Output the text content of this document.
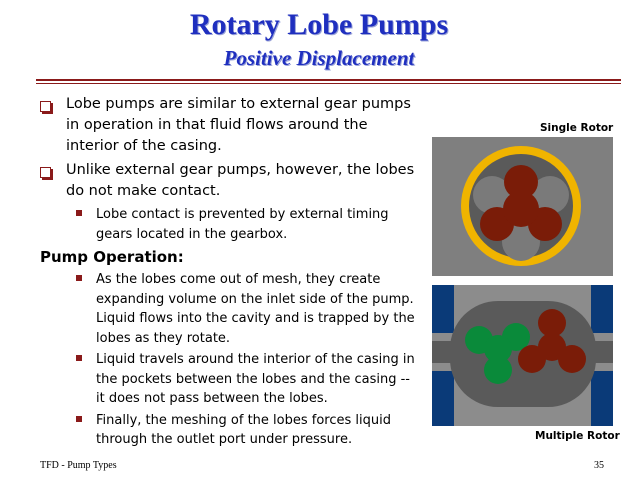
Rotary Lobe Pumps
Positive Displacement
Lobe pumps are similar to external gear pumps in operation in that fluid flows around the interior of the casing.
Unlike external gear pumps, however, the lobes do not make contact.
Lobe contact is prevented by external timing gears located in the gearbox.
Pump Operation:
As the lobes come out of mesh, they create expanding volume on the inlet side of the pump. Liquid flows into the cavity and is trapped by the lobes as they rotate.
Liquid travels around the interior of the casing in the pockets between the lobes and the casing -- it does not pass between the lobes.
Finally, the meshing of the lobes forces liquid through the outlet port under pressure.
Single Rotor
Multiple Rotor
TFD - Pump Types	35
